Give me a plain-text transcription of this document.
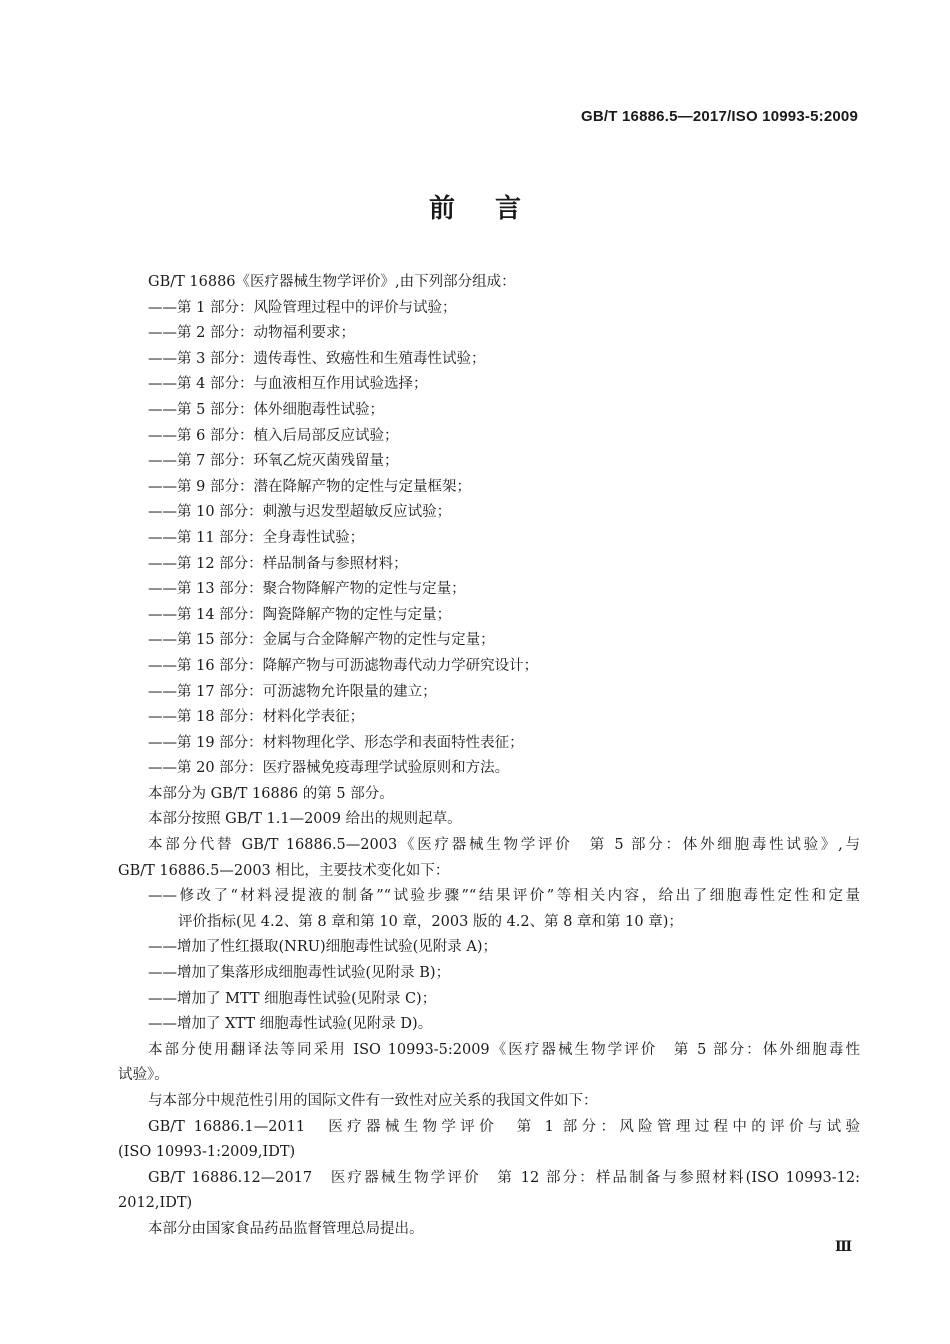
GB/T 16886.5—2017/ISO 10993-5:2009
前言

GB/T 16886《医疗器械生物学评价》,由下列部分组成：

——第 1 部分：风险管理过程中的评价与试验；

——第 2 部分：动物福利要求；

——第 3 部分：遗传毒性、致癌性和生殖毒性试验；

——第 4 部分：与血液相互作用试验选择；

——第 5 部分：体外细胞毒性试验；

——第 6 部分：植入后局部反应试验；

——第 7 部分：环氧乙烷灭菌残留量；

——第 9 部分：潜在降解产物的定性与定量框架；

——第 10 部分：刺激与迟发型超敏反应试验；

——第 11 部分：全身毒性试验；

——第 12 部分：样品制备与参照材料；

——第 13 部分：聚合物降解产物的定性与定量；

——第 14 部分：陶瓷降解产物的定性与定量；

——第 15 部分：金属与合金降解产物的定性与定量；

——第 16 部分：降解产物与可沥滤物毒代动力学研究设计；

——第 17 部分：可沥滤物允许限量的建立；

——第 18 部分：材料化学表征；

——第 19 部分：材料物理化学、形态学和表面特性表征；

——第 20 部分：医疗器械免疫毒理学试验原则和方法。

本部分为 GB/T 16886 的第 5 部分。

本部分按照 GB/T 1.1—2009 给出的规则起草。

本部分代替 GB/T 16886.5—2003《医疗器械生物学评价　第 5 部分：体外细胞毒性试验》,与

GB/T 16886.5—2003 相比，主要技术变化如下：

——修改了“材料浸提液的制备”“试验步骤”“结果评价”等相关内容，给出了细胞毒性定性和定量
评价指标(见 4.2、第 8 章和第 10 章，2003 版的 4.2、第 8 章和第 10 章)；

——增加了性红摄取(NRU)细胞毒性试验(见附录 A)；

——增加了集落形成细胞毒性试验(见附录 B)；

——增加了 MTT 细胞毒性试验(见附录 C)；

——增加了 XTT 细胞毒性试验(见附录 D)。

本部分使用翻译法等同采用 ISO 10993-5:2009《医疗器械生物学评价　第 5 部分：体外细胞毒性

试验》。

与本部分中规范性引用的国际文件有一致性对应关系的我国文件如下：

GB/T 16886.1—2011　医疗器械生物学评价　第 1 部分：风险管理过程中的评价与试验

(ISO 10993-1:2009,IDT)

GB/T 16886.12—2017　医疗器械生物学评价　第 12 部分：样品制备与参照材料(ISO 10993-12:

2012,IDT)

本部分由国家食品药品监督管理总局提出。

Ⅲ
